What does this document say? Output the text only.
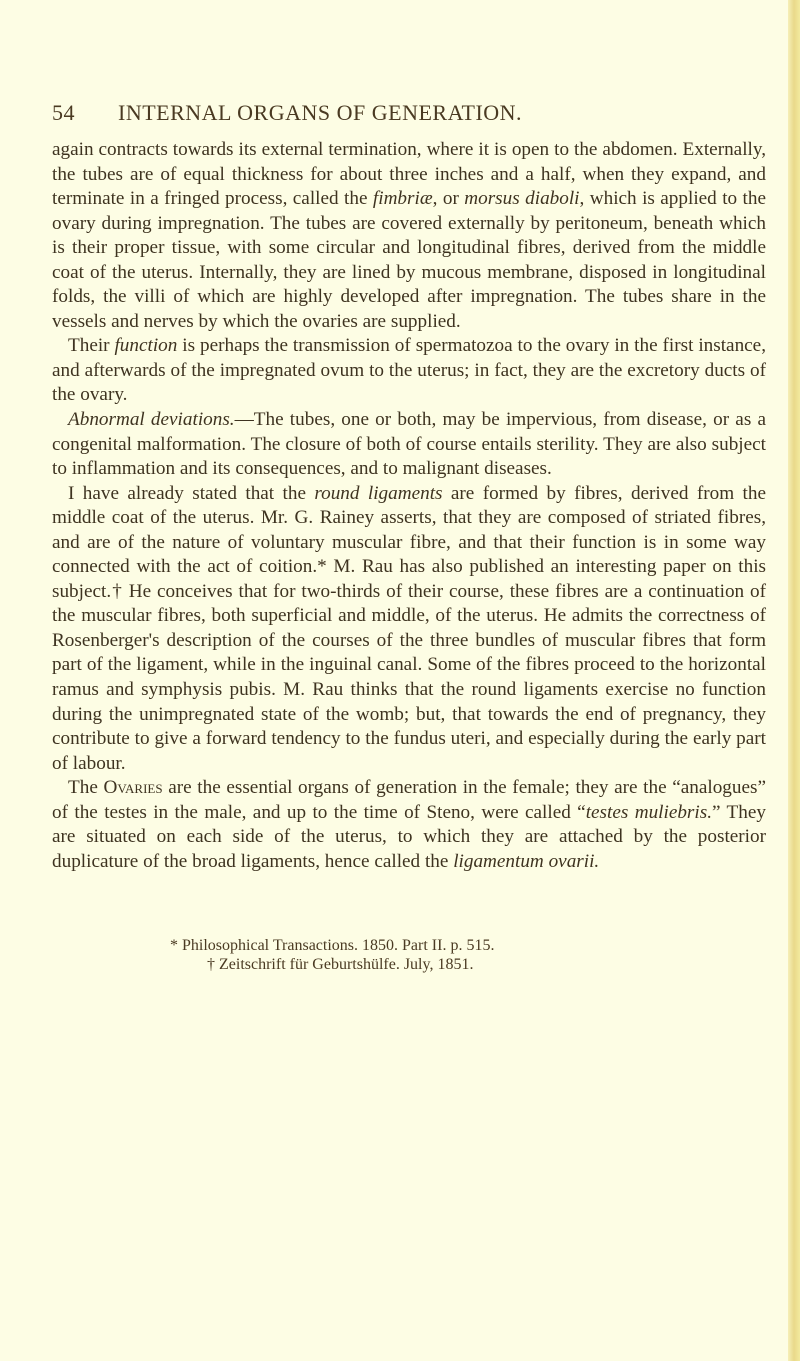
54 INTERNAL ORGANS OF GENERATION.

again contracts towards its external termination, where it is open to the abdomen. Externally, the tubes are of equal thickness for about three inches and a half, when they expand, and terminate in a fringed process, called the fimbriæ, or morsus diaboli, which is applied to the ovary during impregnation. The tubes are covered externally by peritoneum, beneath which is their proper tissue, with some circular and longitudinal fibres, derived from the middle coat of the uterus. Internally, they are lined by mucous membrane, disposed in longitudinal folds, the villi of which are highly developed after impregnation. The tubes share in the vessels and nerves by which the ovaries are supplied.

Their function is perhaps the transmission of spermatozoa to the ovary in the first instance, and afterwards of the impregnated ovum to the uterus; in fact, they are the excretory ducts of the ovary.

Abnormal deviations.—The tubes, one or both, may be impervious, from disease, or as a congenital malformation. The closure of both of course entails sterility. They are also subject to inflammation and its consequences, and to malignant diseases.

I have already stated that the round ligaments are formed by fibres, derived from the middle coat of the uterus. Mr. G. Rainey asserts, that they are composed of striated fibres, and are of the nature of voluntary muscular fibre, and that their function is in some way connected with the act of coition.* M. Rau has also published an interesting paper on this subject.† He conceives that for two-thirds of their course, these fibres are a continuation of the muscular fibres, both superficial and middle, of the uterus. He admits the correctness of Rosenberger's description of the courses of the three bundles of muscular fibres that form part of the ligament, while in the inguinal canal. Some of the fibres proceed to the horizontal ramus and symphysis pubis. M. Rau thinks that the round ligaments exercise no function during the unimpregnated state of the womb; but, that towards the end of pregnancy, they contribute to give a forward tendency to the fundus uteri, and especially during the early part of labour.

The Ovaries are the essential organs of generation in the female; they are the “analogues” of the testes in the male, and up to the time of Steno, were called “testes muliebris.” They are situated on each side of the uterus, to which they are attached by the posterior duplicature of the broad ligaments, hence called the ligamentum ovarii.

* Philosophical Transactions. 1850. Part II. p. 515.
† Zeitschrift für Geburtshülfe. July, 1851.
